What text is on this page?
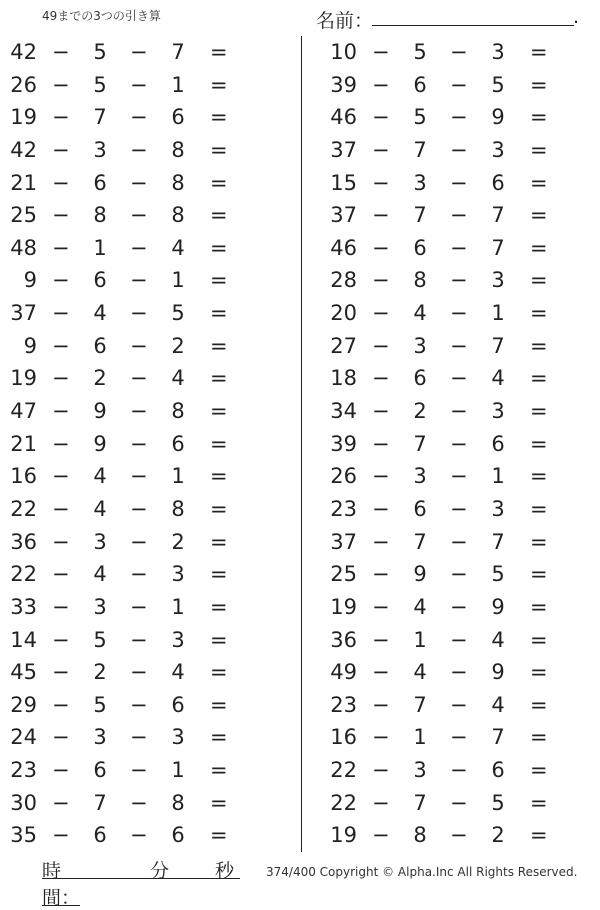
49までの3つの引き算	名前：	.
42 − 5 − 7 =
26 − 5 − 1 =
19 − 7 − 6 =
42 − 3 − 8 =
21 − 6 − 8 =
25 − 8 − 8 =
48 − 1 − 4 =
9 − 6 − 1 =
37 − 4 − 5 =
9 − 6 − 2 =
19 − 2 − 4 =
47 − 9 − 8 =
21 − 9 − 6 =
16 − 4 − 1 =
22 − 4 − 8 =
36 − 3 − 2 =
22 − 4 − 3 =
33 − 3 − 1 =
14 − 5 − 3 =
45 − 2 − 4 =
29 − 5 − 6 =
24 − 3 − 3 =
23 − 6 − 1 =
30 − 7 − 8 =
35 − 6 − 6 =
10 − 5 − 3 =
39 − 6 − 5 =
46 − 5 − 9 =
37 − 7 − 3 =
15 − 3 − 6 =
37 − 7 − 7 =
46 − 6 − 7 =
28 − 8 − 3 =
20 − 4 − 1 =
27 − 3 − 7 =
18 − 6 − 4 =
34 − 2 − 3 =
39 − 7 − 6 =
26 − 3 − 1 =
23 − 6 − 3 =
37 − 7 − 7 =
25 − 9 − 5 =
19 − 4 − 9 =
36 − 1 − 4 =
49 − 4 − 9 =
23 − 7 − 4 =
16 − 1 − 7 =
22 − 3 − 6 =
22 − 7 − 5 =
19 − 8 − 2 =
時間：
分 秒	374/400 Copyright © Alpha.Inc All Rights Reserved.
